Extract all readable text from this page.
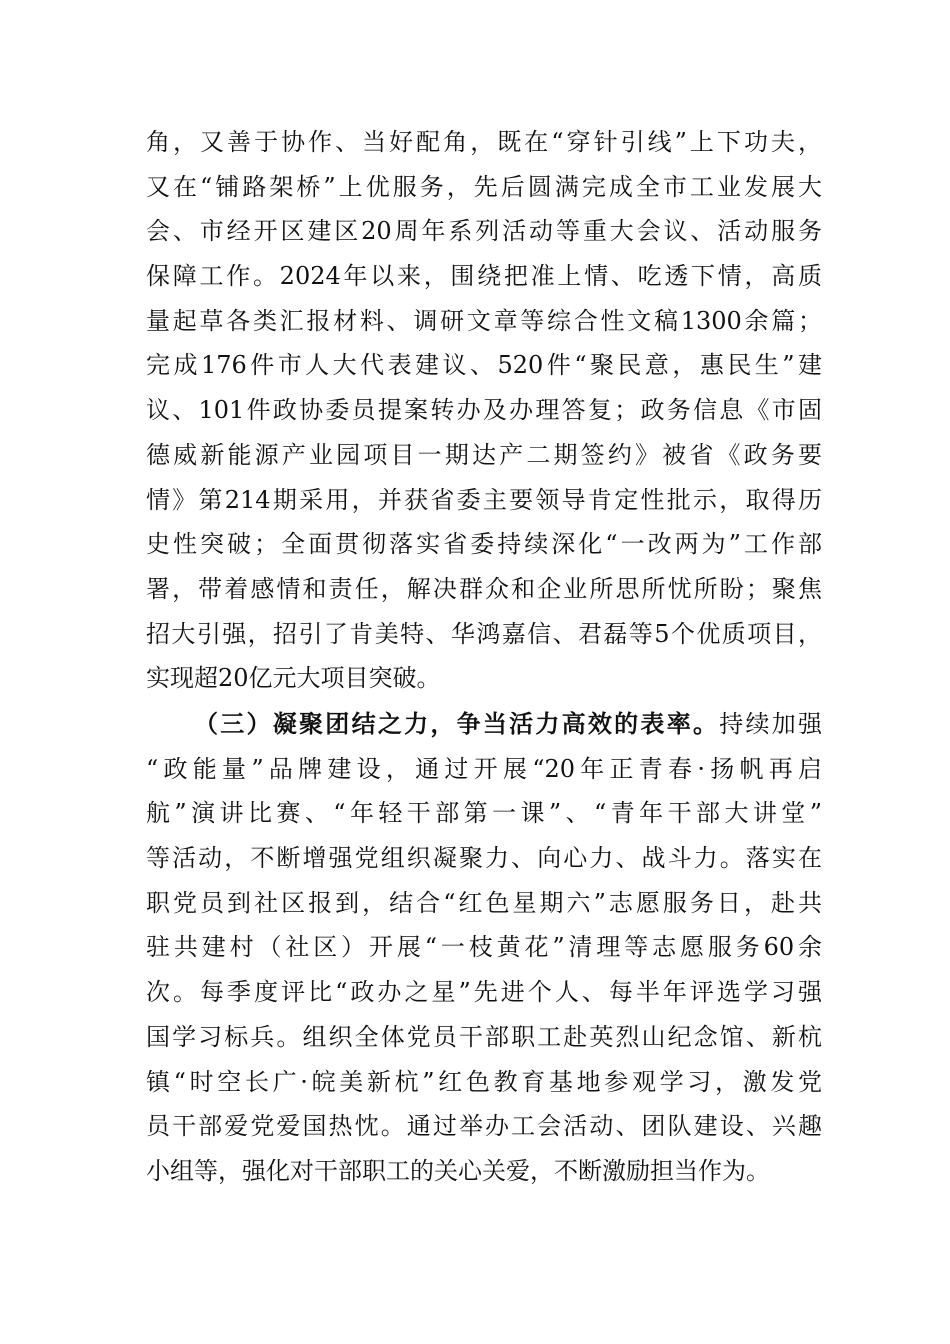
角，又善于协作、当好配角，既在“穿针引线”上下功夫，
又在“铺路架桥”上优服务，先后圆满完成全市工业发展大
会、市经开区建区20周年系列活动等重大会议、活动服务
保障工作。2024年以来，围绕把准上情、吃透下情，高质
量起草各类汇报材料、调研文章等综合性文稿1300余篇；
完成176件市人大代表建议、520件“聚民意，惠民生”建
议、101件政协委员提案转办及办理答复；政务信息《市固
德威新能源产业园项目一期达产二期签约》被省《政务要
情》第214期采用，并获省委主要领导肯定性批示，取得历
史性突破；全面贯彻落实省委持续深化“一改两为”工作部
署，带着感情和责任，解决群众和企业所思所忧所盼；聚焦
招大引强，招引了肯美特、华鸿嘉信、君磊等5个优质项目，
实现超20亿元大项目突破。
（三）凝聚团结之力，争当活力高效的表率。持续加强
“政能量”品牌建设，通过开展“20年正青春·扬帆再启
航”演讲比赛、“年轻干部第一课”、“青年干部大讲堂”
等活动，不断增强党组织凝聚力、向心力、战斗力。落实在
职党员到社区报到，结合“红色星期六”志愿服务日，赴共
驻共建村（社区）开展“一枝黄花”清理等志愿服务60余
次。每季度评比“政办之星”先进个人、每半年评选学习强
国学习标兵。组织全体党员干部职工赴英烈山纪念馆、新杭
镇“时空长广·皖美新杭”红色教育基地参观学习，激发党
员干部爱党爱国热忱。通过举办工会活动、团队建设、兴趣
小组等，强化对干部职工的关心关爱，不断激励担当作为。
